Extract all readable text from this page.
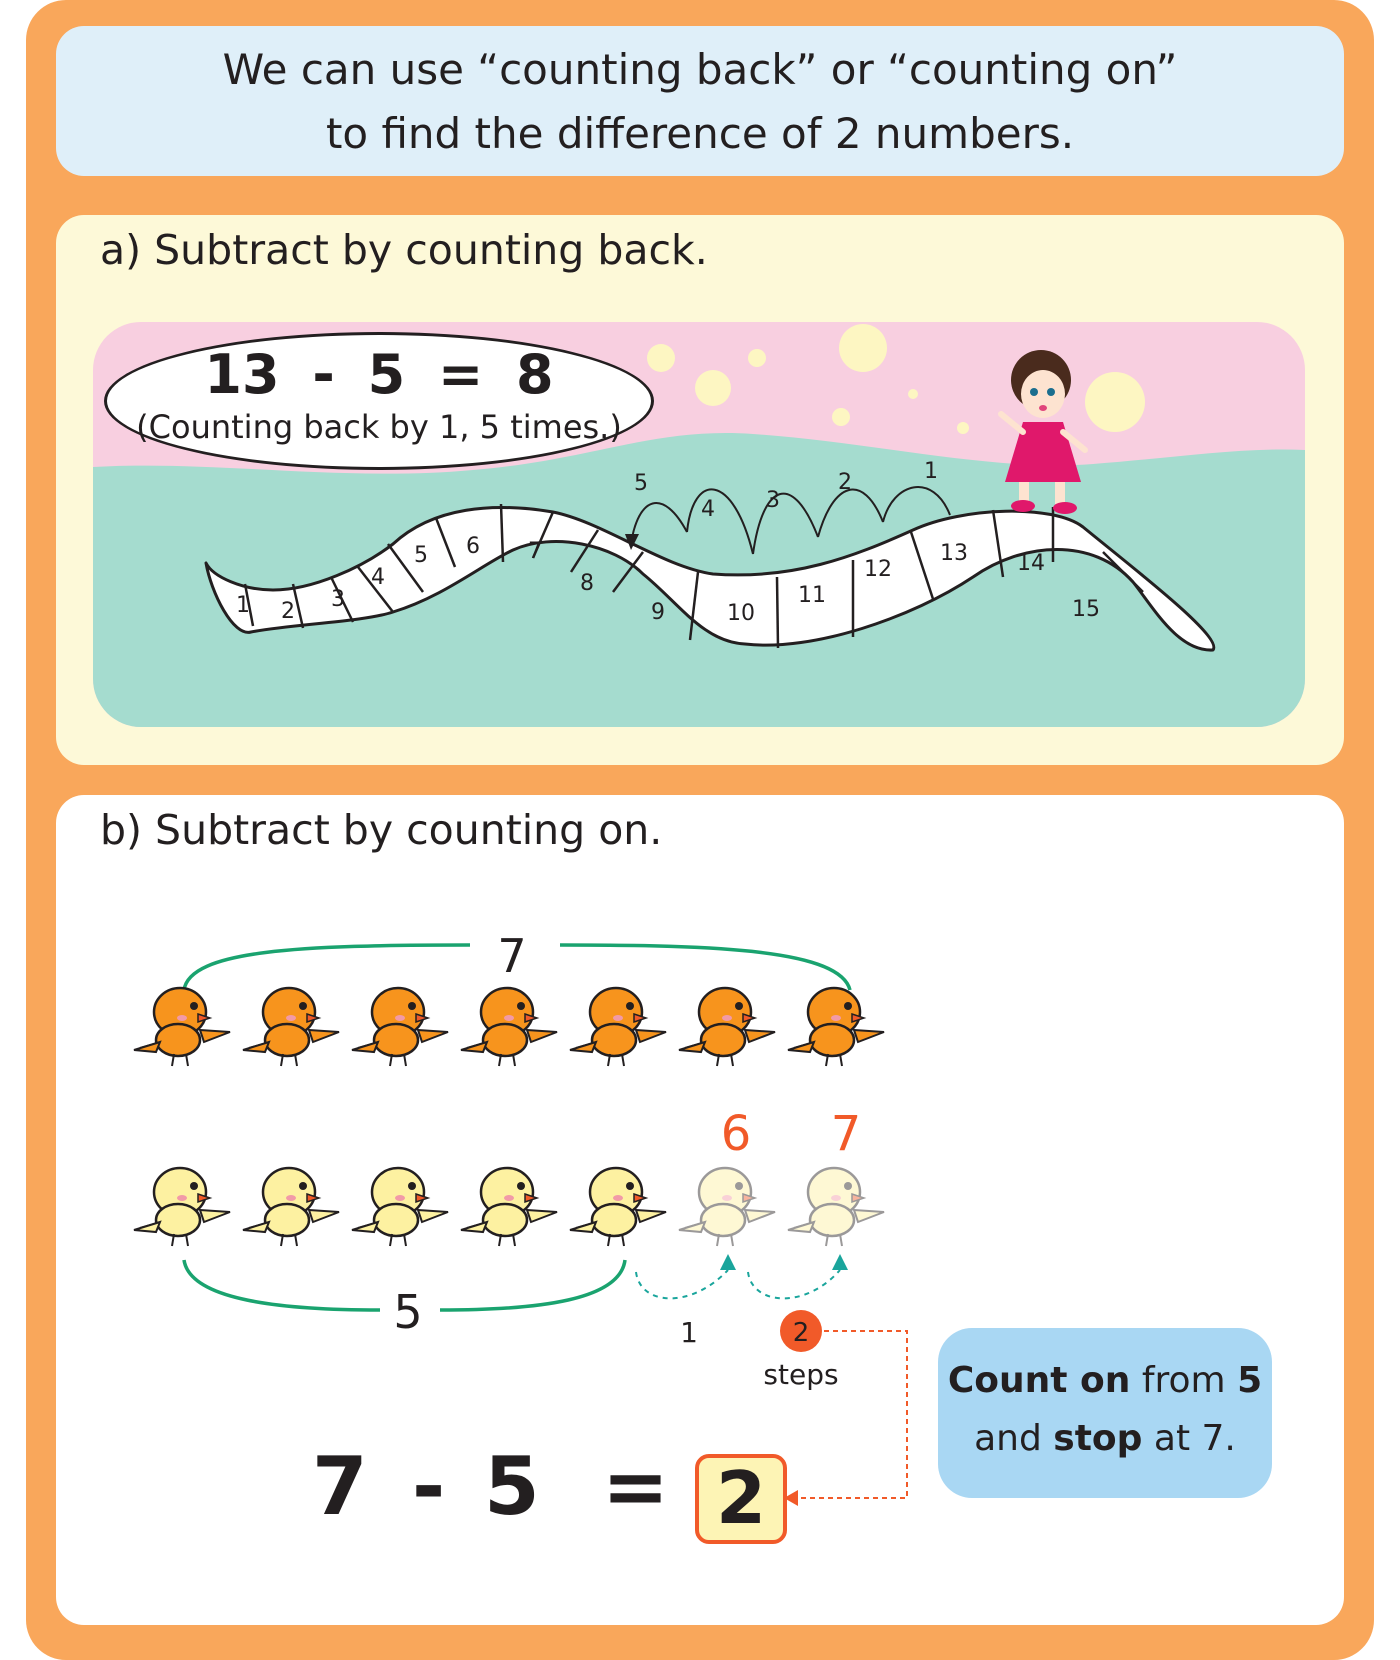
We can use “counting back” or “counting on”
to find the difference of 2 numbers.
a) Subtract by counting back.
1 2 3
4
5 6 7
8
9	10
11
12
13 14
15
1
2
3
4
5
13 - 5 = 8
(Counting back by 1, 5 times.)
b) Subtract by counting on.
7
6 7
5	1	2
steps
7 - 5 = 2
Count on from 5
and stop at 7.
